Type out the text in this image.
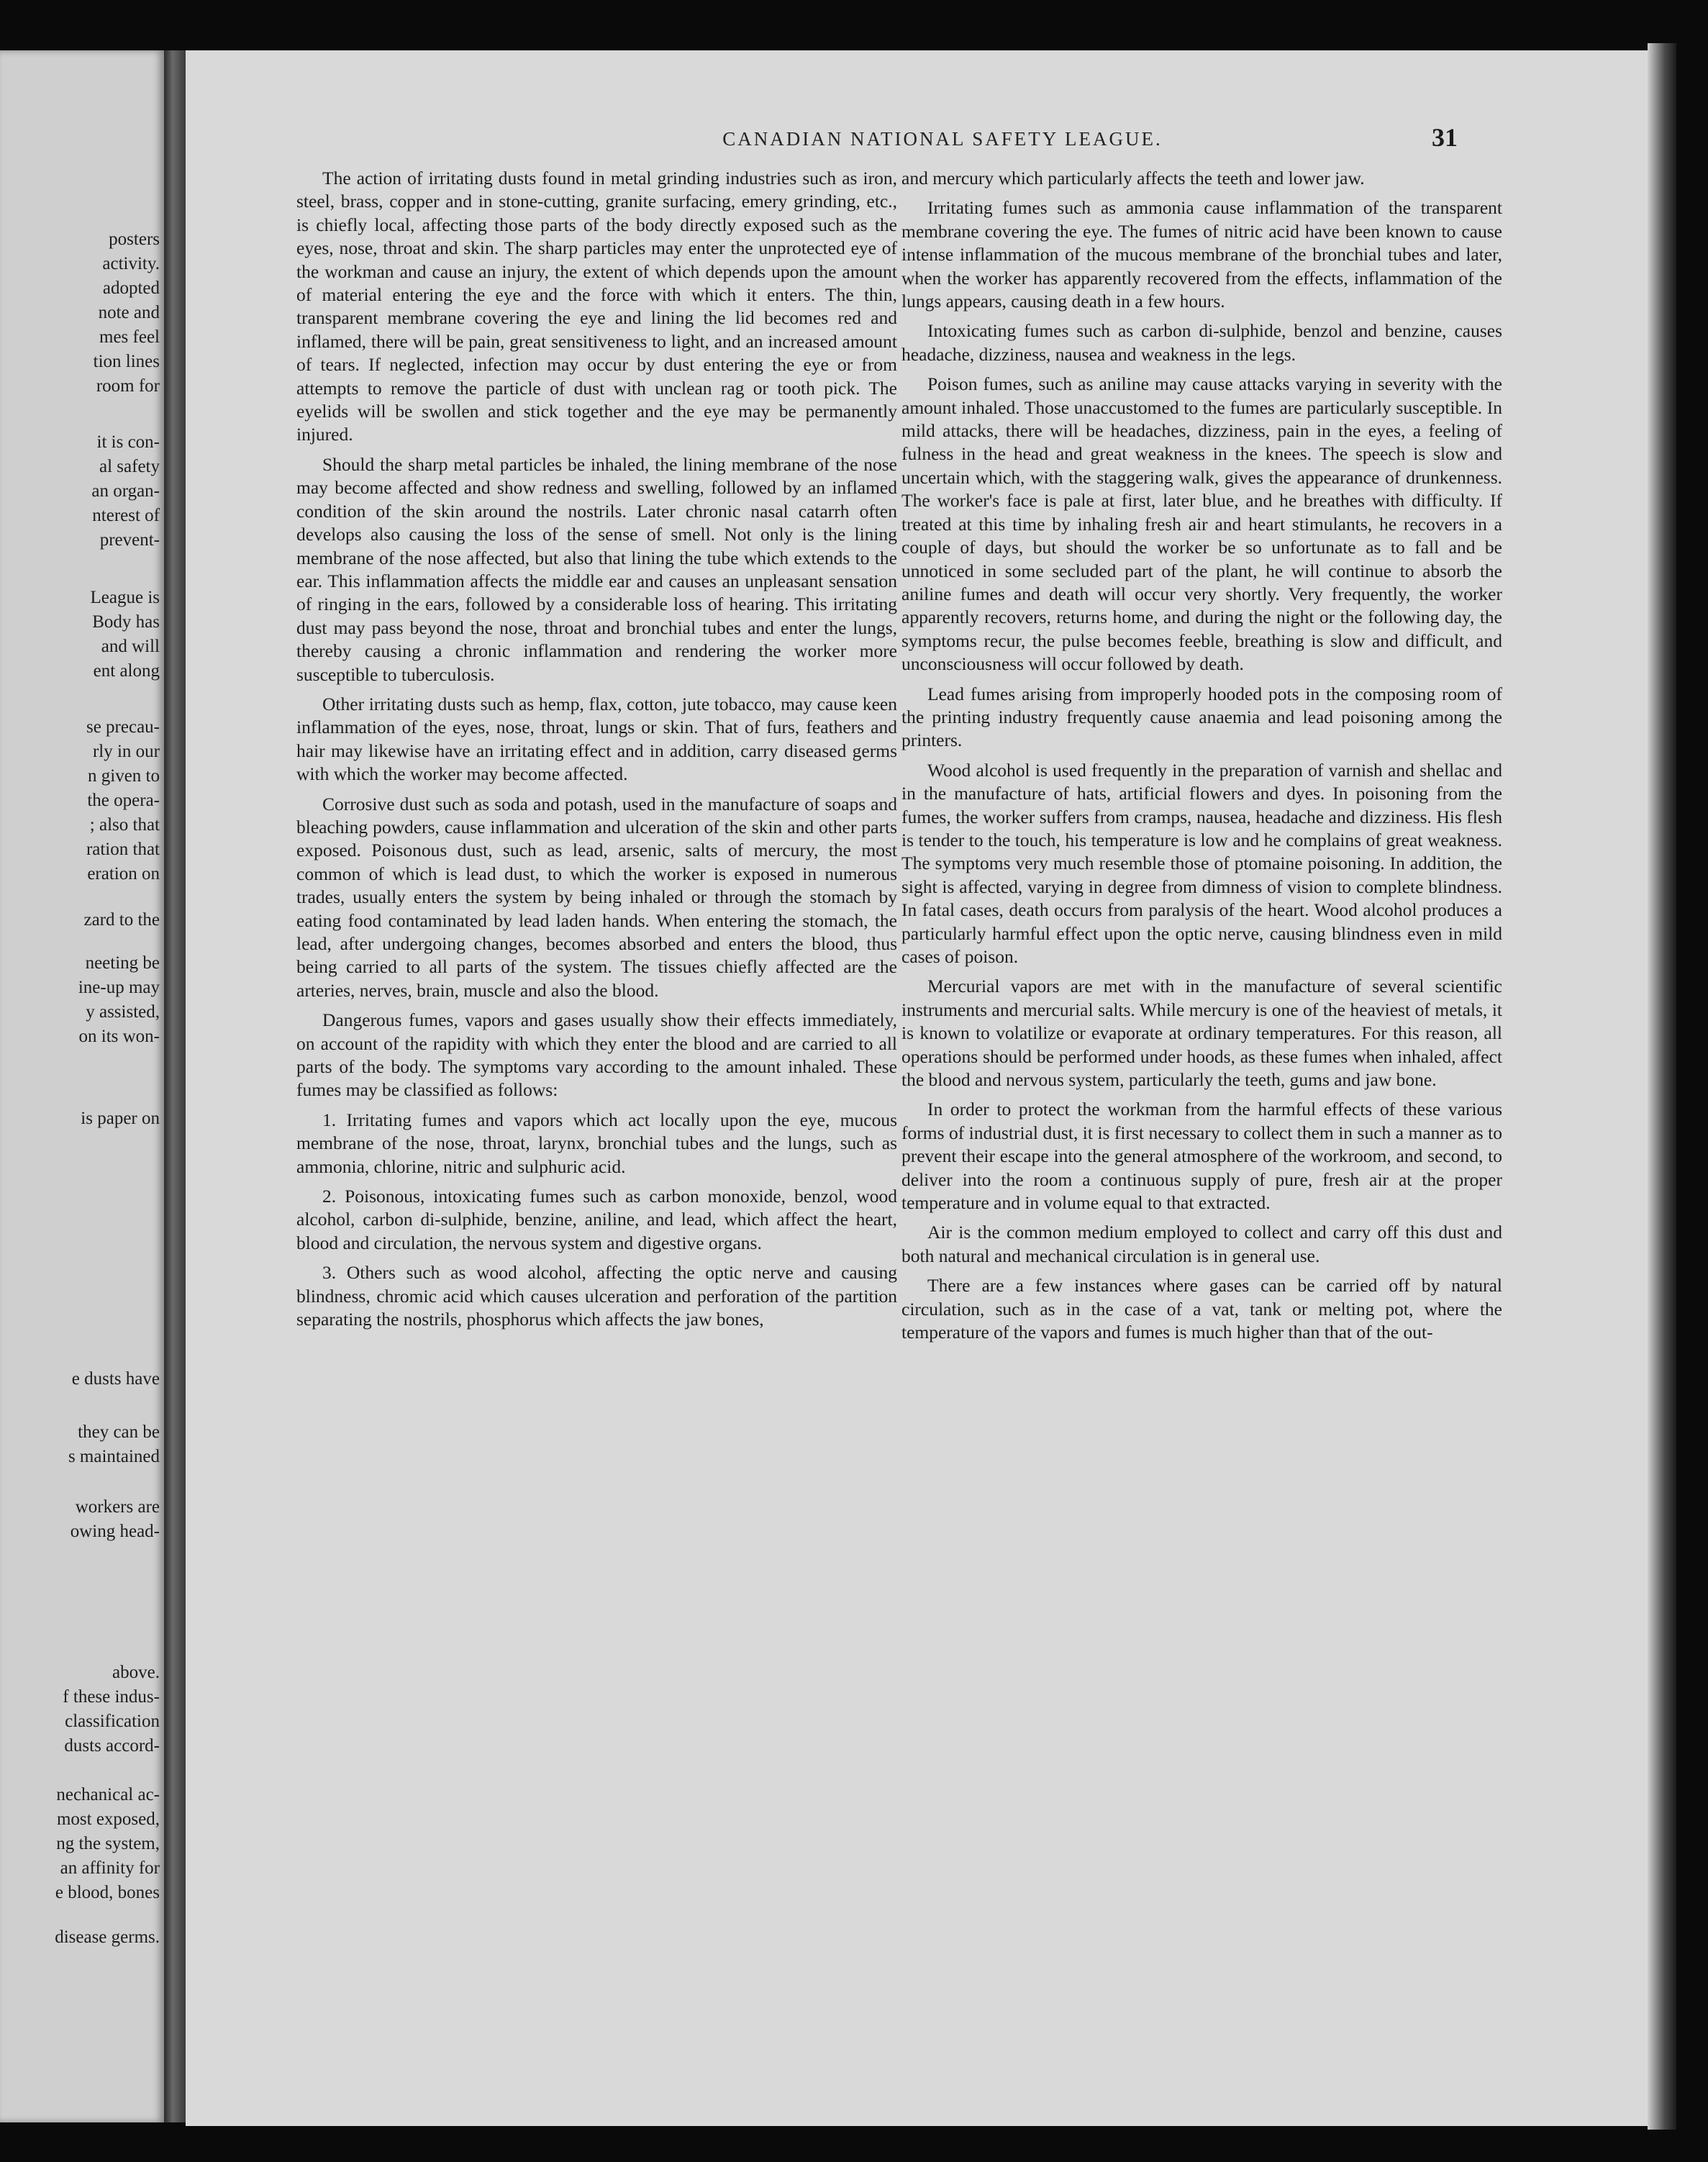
posters
activity.
adopted
note and
mes feel
tion lines
room for
it is con-
al safety
an organ-
nterest of
prevent-
League is
Body has
and will
ent along
se precau-
rly in our
n given to
the opera-
; also that
ration that
eration on
zard to the
neeting be
ine-up may
y assisted,
on its won-
is paper on
e dusts have
they can be
s maintained
workers are
owing head-
above.
f these indus-
classification
dusts accord-
nechanical ac-
most exposed,
ng the system,
an affinity for
e blood, bones
disease germs.
CANADIAN NATIONAL SAFETY LEAGUE.	31

The action of irritating dusts found in metal grinding industries such as iron, steel, brass, copper and in stone-cutting, granite surfacing, emery grinding, etc., is chiefly local, affecting those parts of the body directly exposed such as the eyes, nose, throat and skin. The sharp particles may enter the unprotected eye of the workman and cause an injury, the extent of which depends upon the amount of material entering the eye and the force with which it enters. The thin, transparent membrane covering the eye and lining the lid becomes red and inflamed, there will be pain, great sensitiveness to light, and an increased amount of tears. If neglected, infection may occur by dust entering the eye or from attempts to remove the particle of dust with unclean rag or tooth pick. The eyelids will be swollen and stick together and the eye may be permanently injured.

Should the sharp metal particles be inhaled, the lining membrane of the nose may become affected and show redness and swelling, followed by an inflamed condition of the skin around the nostrils. Later chronic nasal catarrh often develops also causing the loss of the sense of smell. Not only is the lining membrane of the nose affected, but also that lining the tube which extends to the ear. This inflammation affects the middle ear and causes an unpleasant sensation of ringing in the ears, followed by a considerable loss of hearing. This irritating dust may pass beyond the nose, throat and bronchial tubes and enter the lungs, thereby causing a chronic inflammation and rendering the worker more susceptible to tuberculosis.

Other irritating dusts such as hemp, flax, cotton, jute tobacco, may cause keen inflammation of the eyes, nose, throat, lungs or skin. That of furs, feathers and hair may likewise have an irritating effect and in addition, carry diseased germs with which the worker may become affected.

Corrosive dust such as soda and potash, used in the manufacture of soaps and bleaching powders, cause inflammation and ulceration of the skin and other parts exposed. Poisonous dust, such as lead, arsenic, salts of mercury, the most common of which is lead dust, to which the worker is exposed in numerous trades, usually enters the system by being inhaled or through the stomach by eating food contaminated by lead laden hands. When entering the stomach, the lead, after undergoing changes, becomes absorbed and enters the blood, thus being carried to all parts of the system. The tissues chiefly affected are the arteries, nerves, brain, muscle and also the blood.

Dangerous fumes, vapors and gases usually show their effects immediately, on account of the rapidity with which they enter the blood and are carried to all parts of the body. The symptoms vary according to the amount inhaled. These fumes may be classified as follows:

1. Irritating fumes and vapors which act locally upon the eye, mucous membrane of the nose, throat, larynx, bronchial tubes and the lungs, such as ammonia, chlorine, nitric and sulphuric acid.

2. Poisonous, intoxicating fumes such as carbon monoxide, benzol, wood alcohol, carbon di-sulphide, benzine, aniline, and lead, which affect the heart, blood and circulation, the nervous system and digestive organs.

3. Others such as wood alcohol, affecting the optic nerve and causing blindness, chromic acid which causes ulceration and perforation of the partition separating the nostrils, phosphorus which affects the jaw bones,

and mercury which particularly affects the teeth and lower jaw.

Irritating fumes such as ammonia cause inflammation of the transparent membrane covering the eye. The fumes of nitric acid have been known to cause intense inflammation of the mucous membrane of the bronchial tubes and later, when the worker has apparently recovered from the effects, inflammation of the lungs appears, causing death in a few hours.

Intoxicating fumes such as carbon di-sulphide, benzol and benzine, causes headache, dizziness, nausea and weakness in the legs.

Poison fumes, such as aniline may cause attacks varying in severity with the amount inhaled. Those unaccustomed to the fumes are particularly susceptible. In mild attacks, there will be headaches, dizziness, pain in the eyes, a feeling of fulness in the head and great weakness in the knees. The speech is slow and uncertain which, with the staggering walk, gives the appearance of drunkenness. The worker's face is pale at first, later blue, and he breathes with difficulty. If treated at this time by inhaling fresh air and heart stimulants, he recovers in a couple of days, but should the worker be so unfortunate as to fall and be unnoticed in some secluded part of the plant, he will continue to absorb the aniline fumes and death will occur very shortly. Very frequently, the worker apparently recovers, returns home, and during the night or the following day, the symptoms recur, the pulse becomes feeble, breathing is slow and difficult, and unconsciousness will occur followed by death.

Lead fumes arising from improperly hooded pots in the composing room of the printing industry frequently cause anaemia and lead poisoning among the printers.

Wood alcohol is used frequently in the preparation of varnish and shellac and in the manufacture of hats, artificial flowers and dyes. In poisoning from the fumes, the worker suffers from cramps, nausea, headache and dizziness. His flesh is tender to the touch, his temperature is low and he complains of great weakness. The symptoms very much resemble those of ptomaine poisoning. In addition, the sight is affected, varying in degree from dimness of vision to complete blindness. In fatal cases, death occurs from paralysis of the heart. Wood alcohol produces a particularly harmful effect upon the optic nerve, causing blindness even in mild cases of poison.

Mercurial vapors are met with in the manufacture of several scientific instruments and mercurial salts. While mercury is one of the heaviest of metals, it is known to volatilize or evaporate at ordinary temperatures. For this reason, all operations should be performed under hoods, as these fumes when inhaled, affect the blood and nervous system, particularly the teeth, gums and jaw bone.

In order to protect the workman from the harmful effects of these various forms of industrial dust, it is first necessary to collect them in such a manner as to prevent their escape into the general atmosphere of the workroom, and second, to deliver into the room a continuous supply of pure, fresh air at the proper temperature and in volume equal to that extracted.

Air is the common medium employed to collect and carry off this dust and both natural and mechanical circulation is in general use.

There are a few instances where gases can be carried off by natural circulation, such as in the case of a vat, tank or melting pot, where the temperature of the vapors and fumes is much higher than that of the out-
